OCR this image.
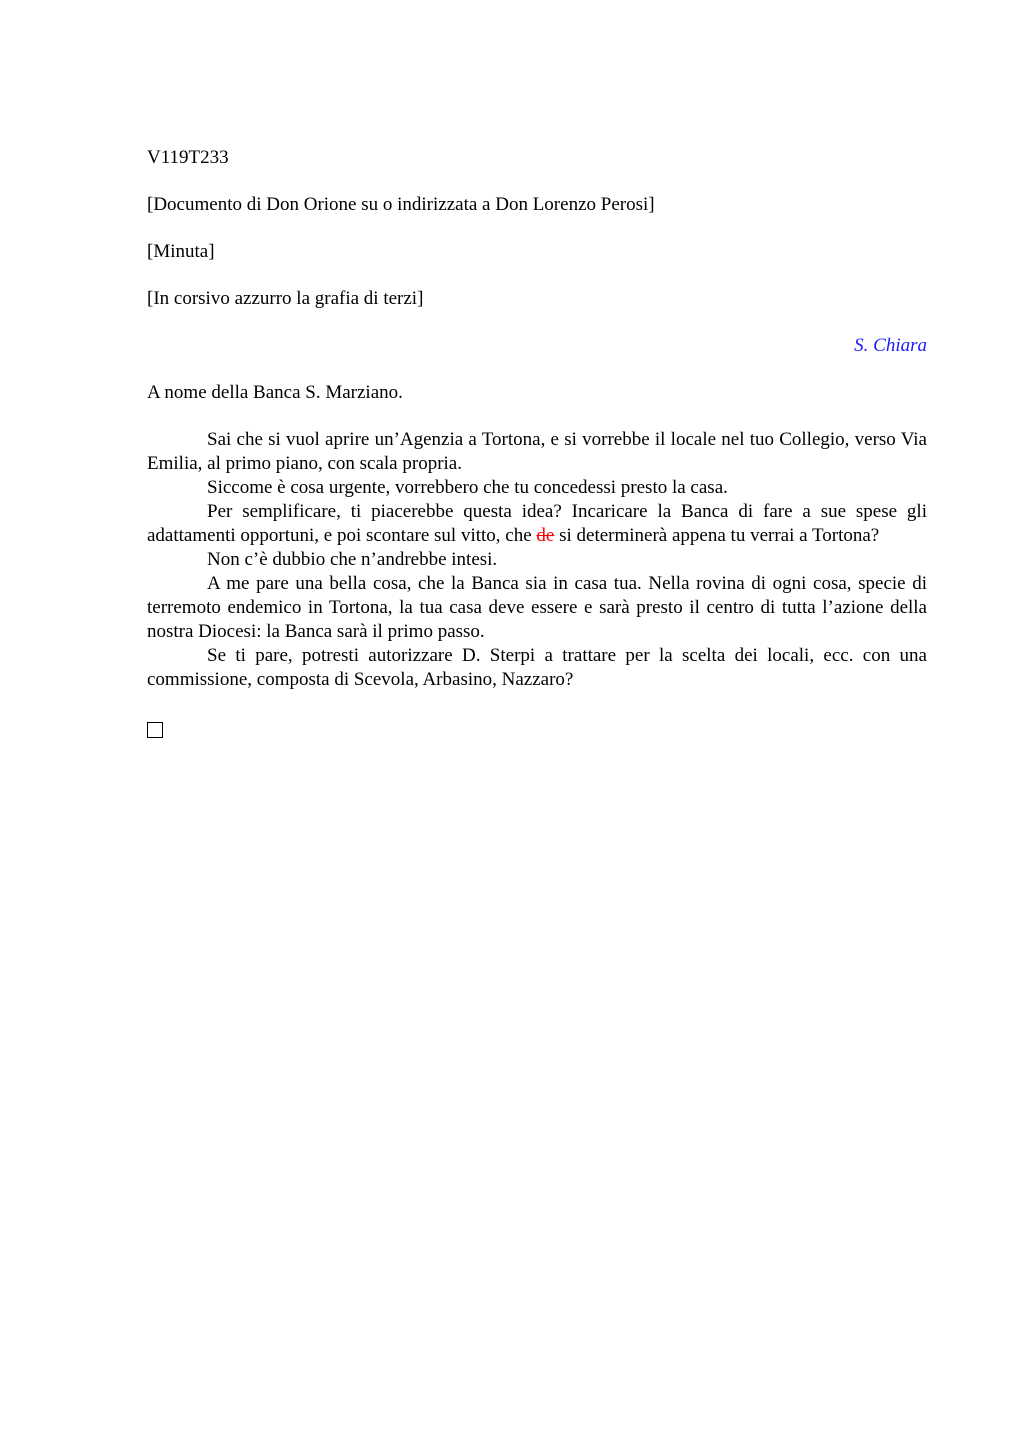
V119T233

[Documento di Don Orione su o indirizzata a Don Lorenzo Perosi]

[Minuta]

[In corsivo azzurro la grafia di terzi]

S. Chiara

A nome della Banca S. Marziano.

Sai che si vuol aprire un’Agenzia a Tortona, e si vorrebbe il locale nel tuo Collegio, verso Via Emilia, al primo piano, con scala propria.

Siccome è cosa urgente, vorrebbero che tu concedessi presto la casa.

Per semplificare, ti piacerebbe questa idea? Incaricare la Banca di fare a sue spese gli adattamenti opportuni, e poi scontare sul vitto, che de si determinerà appena tu verrai a Tortona?

Non c’è dubbio che n’andrebbe intesi.

A me pare una bella cosa, che la Banca sia in casa tua. Nella rovina di ogni cosa, specie di terremoto endemico in Tortona, la tua casa deve essere e sarà presto il centro di tutta l’azione della nostra Diocesi: la Banca sarà il primo passo.

Se ti pare, potresti autorizzare D. Sterpi a trattare per la scelta dei locali, ecc. con una commissione, composta di Scevola, Arbasino, Nazzaro?
